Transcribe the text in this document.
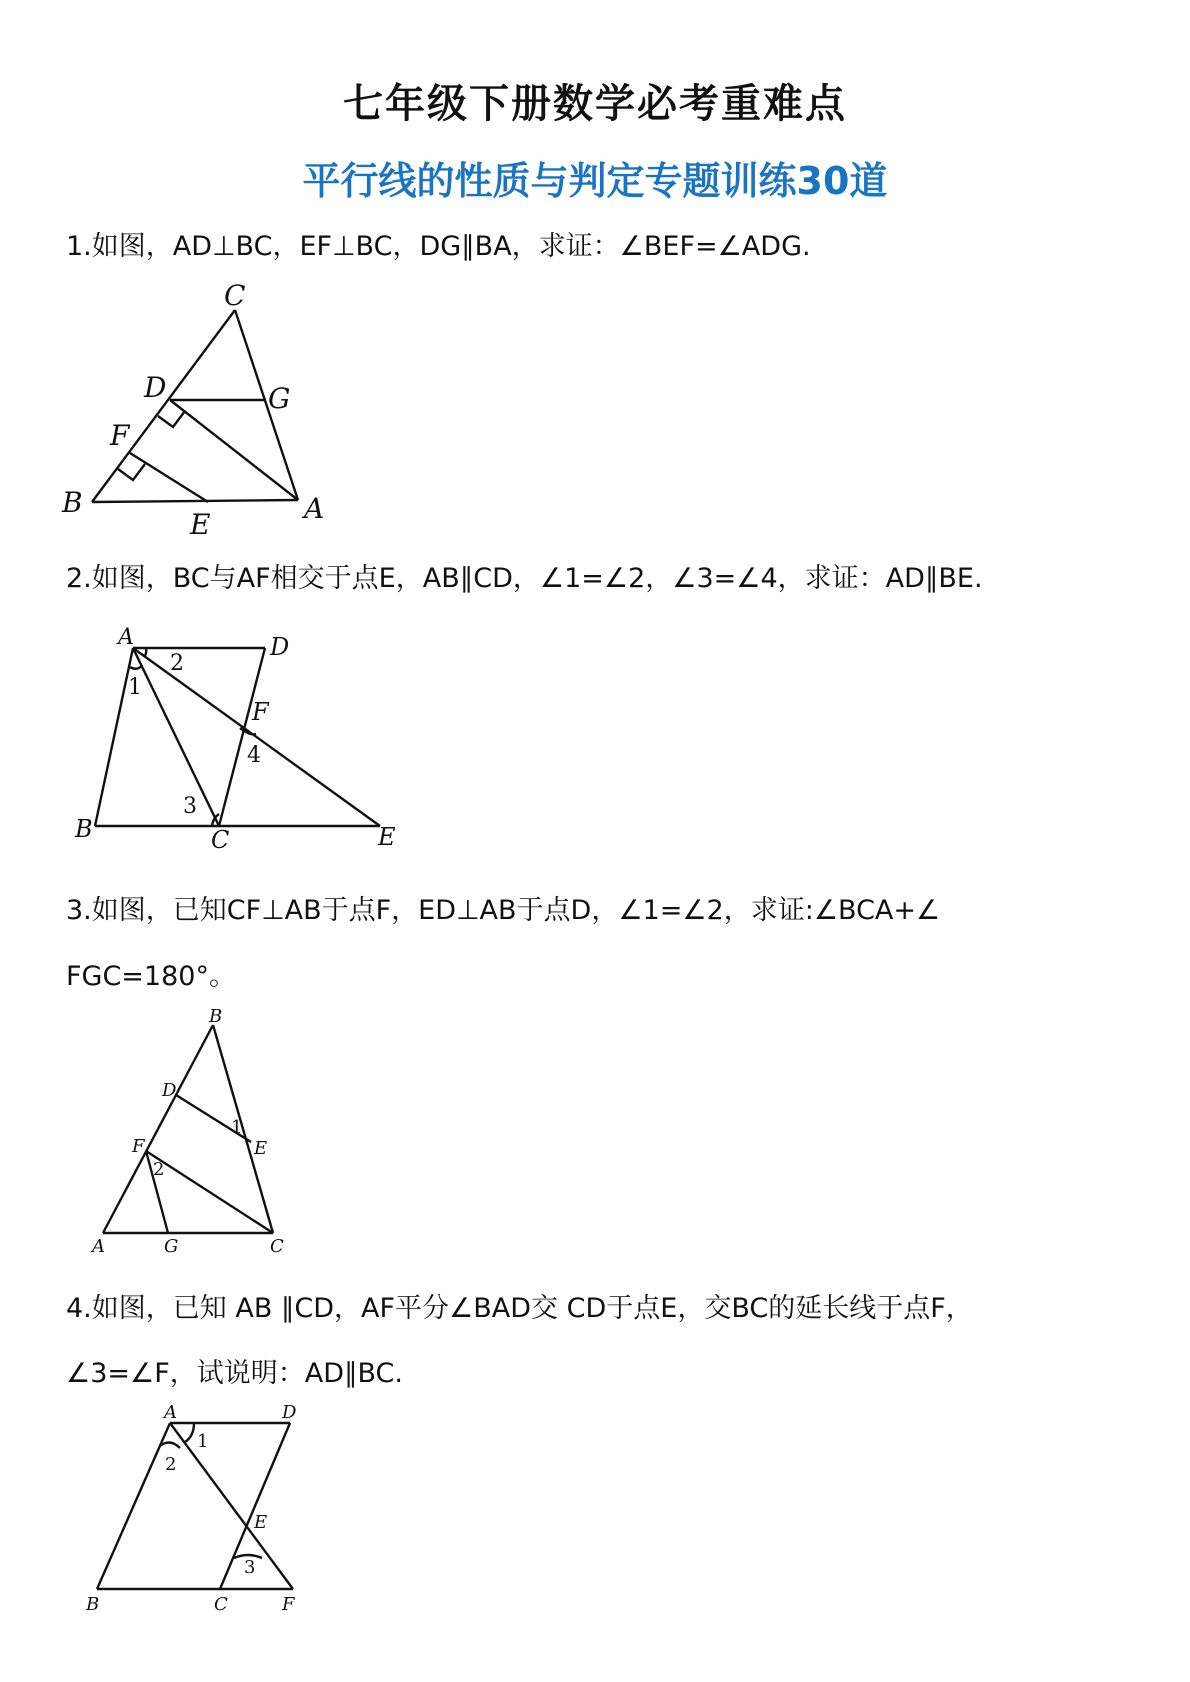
七年级下册数学必考重难点
平行线的性质与判定专题训练30道
1.如图，AD⊥BC，EF⊥BC，DG∥BA，求证：∠BEF=∠ADG.
C
D	G
F
B
E	A
2.如图，BC与AF相交于点E，AB∥CD，∠1=∠2，∠3=∠4，求证：AD∥BE.
A	D
B	C	E
F
2
1
3
4
3.如图，已知CF⊥AB于点F，ED⊥AB于点D，∠1=∠2，求证:∠BCA+∠
FGC=180°。
B
D
E
F
A	G	C
1
2
4.如图，已知 AB ∥CD，AF平分∠BAD交 CD于点E，交BC的延长线于点F，
∠3=∠F，试说明：AD∥BC.
A	D
E
B	C	F
1
2
3
